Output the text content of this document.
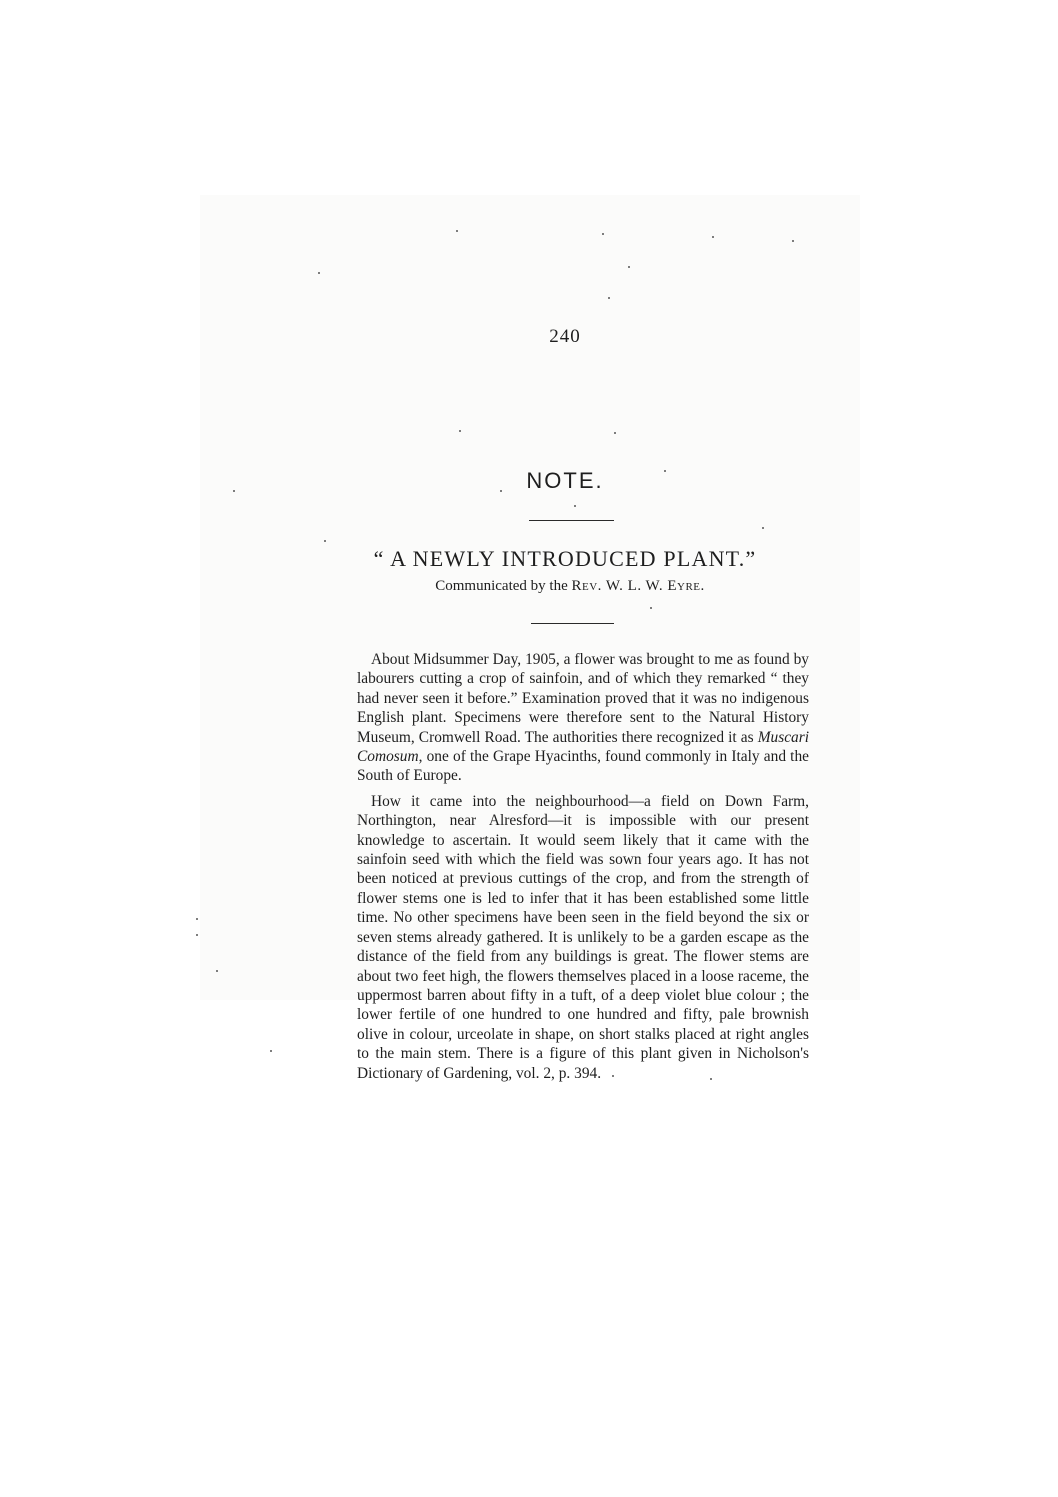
240
NOTE.
“ A NEWLY INTRODUCED PLANT.”
Communicated by the Rev. W. L. W. Eyre.

About Midsummer Day, 1905, a flower was brought to me as found by labourers cutting a crop of sainfoin, and of which they remarked “ they had never seen it before.” Examination proved that it was no indigenous English plant. Specimens were therefore sent to the Natural History Museum, Cromwell Road. The authorities there recognized it as Muscari Comosum, one of the Grape Hyacinths, found commonly in Italy and the South of Europe.

How it came into the neighbourhood—a field on Down Farm, Northington, near Alresford—it is impossible with our present knowledge to ascertain. It would seem likely that it came with the sainfoin seed with which the field was sown four years ago. It has not been noticed at previous cuttings of the crop, and from the strength of flower stems one is led to infer that it has been established some little time. No other specimens have been seen in the field beyond the six or seven stems already gathered. It is unlikely to be a garden escape as the distance of the field from any buildings is great. The flower stems are about two feet high, the flowers themselves placed in a loose raceme, the uppermost barren about fifty in a tuft, of a deep violet blue colour ; the lower fertile of one hundred to one hundred and fifty, pale brownish olive in colour, urceolate in shape, on short stalks placed at right angles to the main stem. There is a figure of this plant given in Nicholson's Dictionary of Gardening, vol. 2, p. 394.
